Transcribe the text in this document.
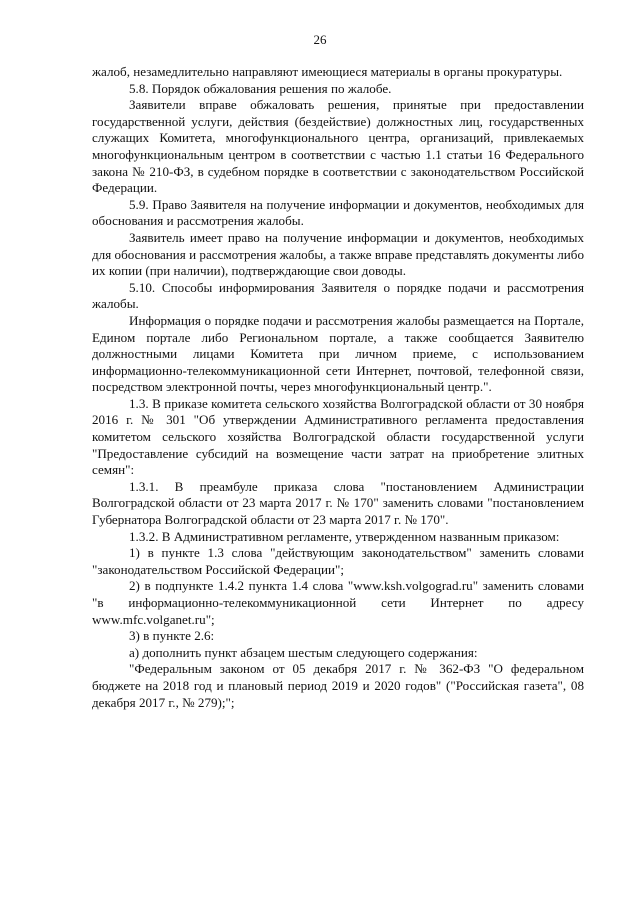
26

жалоб, незамедлительно направляют имеющиеся материалы в органы прокуратуры.

5.8. Порядок обжалования решения по жалобе.

Заявители вправе обжаловать решения, принятые при предоставлении государственной услуги, действия (бездействие) должностных лиц, государственных служащих Комитета, многофункционального центра, организаций, привлекаемых многофункциональным центром в соответствии с частью 1.1 статьи 16 Федерального закона № 210-ФЗ, в судебном порядке в соответствии с законодательством Российской Федерации.

5.9. Право Заявителя на получение информации и документов, необходимых для обоснования и рассмотрения жалобы.

Заявитель имеет право на получение информации и документов, необходимых для обоснования и рассмотрения жалобы, а также вправе представлять документы либо их копии (при наличии), подтверждающие свои доводы.

5.10. Способы информирования Заявителя о порядке подачи и рассмотрения жалобы.

Информация о порядке подачи и рассмотрения жалобы размещается на Портале, Едином портале либо Региональном портале, а также сообщается Заявителю должностными лицами Комитета при личном приеме, с использованием информационно-телекоммуникационной сети Интернет, почтовой, телефонной связи, посредством электронной почты, через многофункциональный центр.".

1.3. В приказе комитета сельского хозяйства Волгоградской области от 30 ноября 2016 г. № 301 "Об утверждении Административного регламента предоставления комитетом сельского хозяйства Волгоградской области государственной услуги "Предоставление субсидий на возмещение части затрат на приобретение элитных семян":

1.3.1. В преамбуле приказа слова "постановлением Администрации Волгоградской области от 23 марта 2017 г. № 170" заменить словами "постановлением Губернатора Волгоградской области от 23 марта 2017 г. № 170".

1.3.2. В Административном регламенте, утвержденном названным приказом:

1) в пункте 1.3 слова "действующим законодательством" заменить словами "законодательством Российской Федерации";

2) в подпункте 1.4.2 пункта 1.4 слова "www.ksh.volgograd.ru" заменить словами "в информационно-телекоммуникационной сети Интернет по адресу www.mfc.volganet.ru";

3) в пункте 2.6:

а) дополнить пункт абзацем шестым следующего содержания:

"Федеральным законом от 05 декабря 2017 г. № 362-ФЗ "О федеральном бюджете на 2018 год и плановый период 2019 и 2020 годов" ("Российская газета", 08 декабря 2017 г., № 279);";
